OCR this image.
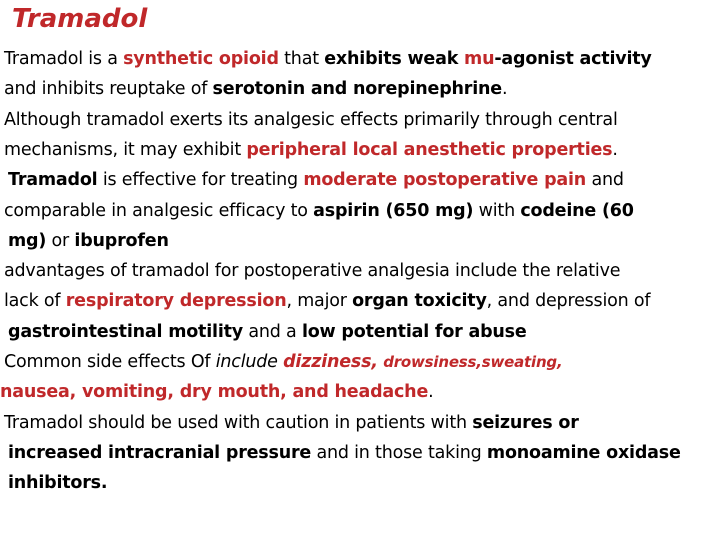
Tramadol
Tramadol is a synthetic opioid that exhibits weak mu-agonist activity
and inhibits reuptake of serotonin and norepinephrine.
Although tramadol exerts its analgesic effects primarily through central
mechanisms, it may exhibit peripheral local anesthetic properties.
Tramadol is effective for treating moderate postoperative pain and
comparable in analgesic efficacy to aspirin (650 mg) with codeine (60
mg) or ibuprofen
advantages of tramadol for postoperative analgesia include the relative
lack of respiratory depression, major organ toxicity, and depression of
gastrointestinal motility and a low potential for abuse
Common side effects Of include dizziness, drowsiness,sweating,
nausea, vomiting, dry mouth, and headache.
Tramadol should be used with caution in patients with seizures or
increased intracranial pressure and in those taking monoamine oxidase
inhibitors.
